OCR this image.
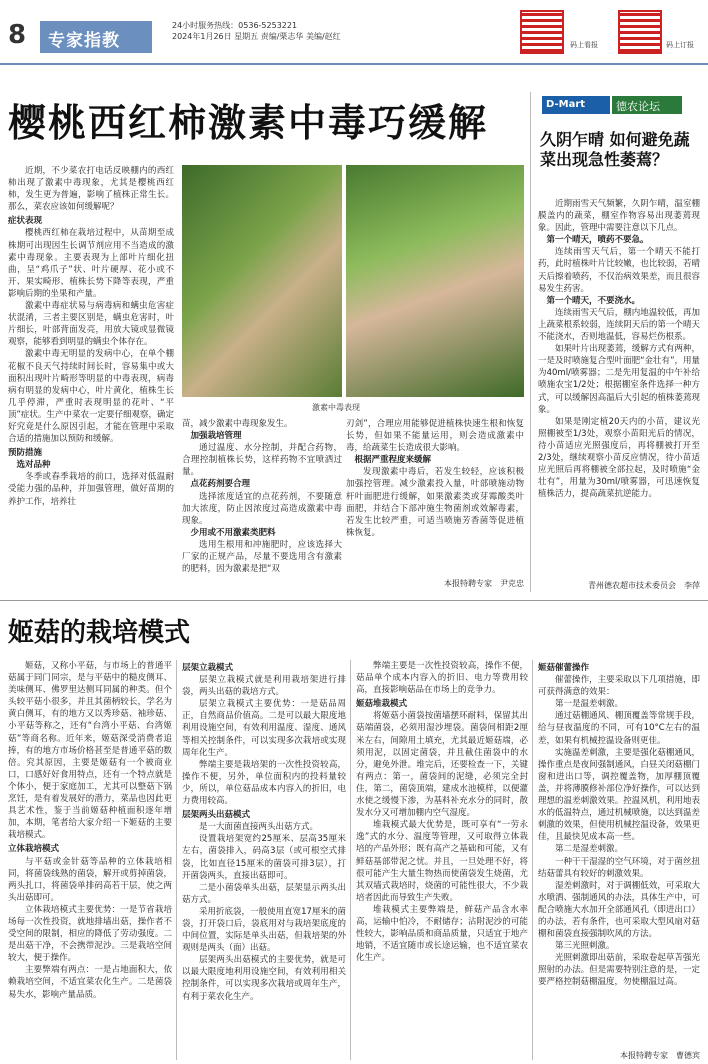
8	专家指教
24小时服务热线：0536-5253221
2024年1月26日 星期五 责编/栗志华 美编/赵红
码上看报	码上订报
樱桃西红柿激素中毒巧缓解
激素中毒表现

近期，不少菜农打电话反映棚内的西红柿出现了激素中毒现象，尤其是樱桃西红柿，发生更为普遍，影响了植株正常生长。那么，菜农应该如何缓解呢？

症状表现

樱桃西红柿在栽培过程中，从苗期至成株期可出现因生长调节剂应用不当造成的激素中毒现象。主要表现为上部叶片细化扭曲，呈“鸡爪子”状、叶片硬厚、花小或不开、果实畸形、植株长势下降等表现，严重影响后期的坐果和产量。

激素中毒症状易与病毒病和螨虫危害症状混淆，三者主要区别是，螨虫危害时，叶片细长，叶部背面发亮，用放大镜或显微镜观察，能够看到明显的螨虫个体存在。

激素中毒无明显的发病中心，在单个棚花椒不良天气持续时间长时，容易集中或大面积出现叶片畸形等明显的中毒表现，病毒病有明显的发病中心，叶片黄化，植株生长几乎停滞，严重时表现明显的花叶、“平顶”症状。生产中菜农一定要仔细观察，确定好究竟是什么原因引起，才能在管理中采取合适的措施加以预防和缓解。

预防措施

选对品种

冬季或春季栽培的前口，选择对低温耐受能力强的品种，并加强管理，做好苗期的养护工作，培养壮

苗，减少激素中毒现象发生。

加强栽培管理

通过温度、水分控制，并配合药物，合理控制植株长势，这样药物不宜喷洒过量。

点花药剂要合理

选择浓度适宜的点花药剂，不要随意加大浓度，防止因浓度过高造成激素中毒现象。

少用或不用激素类肥料

选用生根用和冲施肥时，应该选择大厂家的正规产品，尽量不要选用含有激素的肥料，因为激素是把“双

刃剑”，合理应用能够促进植株快速生根和恢复长势，但如果不能量运用，则会造成激素中毒，给蔬菜生长造成很大影响。

根据严重程度来缓解

发现激素中毒后，若发生较轻，应该积极加强控管理。减少激素投入量，叶部喷施动物杆叶面肥进行缓解，如果激素类或芽霉酸类叶面肥，并结合下部冲施生物菌剂或效解毒素，若发生比较严重，可适当喷施芳香菌等促进植株恢复。

本报特聘专家　尹克忠
D-Mart	德农论坛
久阴乍晴 如何避免蔬菜出现急性萎蔫？

近期雨雪天气频繁，久阴乍晴，温室棚膜盖内的蔬菜，棚室作物容易出现萎蔫现象。因此，管理中需要注意以下几点。

第一个晴天，喷药不要急。

连续雨雪天气后，第一个晴天不能打药，此时植株叶片比较嫩，也比较弱，若晴天后擦着喷药，不仅治病效果差，而且很容易发生药害。

第一个晴天，不要浇水。

连续雨雪天气后，棚内地温较低，再加上蔬菜根系较弱，连续阴天后的第一个晴天不能浇水，否则地温低，容易烂伤根系。

如果叶片出现萎蔫，缓解方式有两种，一是及时喷施复合型叶面肥“金壮有”，用量为40ml/喷雾器；二是先用复温的中午补给喷施农宝1/2处；根据棚室条件选择一种方式，可以缓解因高温后大引起的植株萎蔫现象。

如果是刚定植20天内的小苗，建议光照棚被至1/3处，观察小苗阳光后的情况，待小苗适应光照强度后，再将棚被打开至2/3处，继续观察小苗反应情况，待小苗适应光照后再将棚被全部拉起，及时喷施“金壮有”，用量为30ml/喷雾器，可迅速恢复植株活力，提高蔬菜抗逆能力。

青州德农超市技术委员会　李萍
姬菇的栽培模式

姬菇，又称小平菇，与市场上的普通平菇属于同门同宗，是与平菇中的糙皮侧耳、美味侧耳、佛罗里达侧耳同属的种类。但个头较平菇小很多，并且其菌柄较长，学名为黄白侧耳，有的地方又以秀珍菇、袖珍菇、小平菇等称之，还有“台湾小平菇、台湾姬菇”等商名称。近年来，姬菇深受消费者追捧，有的地方市场价格甚至是普通平菇的数倍。究其原因，主要是姬菇有一个被商业口，口感好好食用特点，还有一个特点就是个体小，便于家庭加工，尤其可以整菇下锅烹饪，是有着发展好的潜力，菜品也因此更具艺术性，鉴于当前姬菇种植面积逐年增加，本期，笔者给大家介绍一下姬菇的主要栽培模式。

立体栽培模式

与平菇或金针菇等品种的立体栽培相同，将菌袋线熟的菌袋，解开或剪掉菌袋，两头扎口，将菌袋单排码高若干层，使之两头出菇即可。

立体栽培模式主要优势：一是节省栽培场每一次性投资，就地排墙出菇，操作者不受空间的限制，相应的降低了劳动强度。二是出菇干净，不会携带泥沙。三是栽培空间较大，便于操作。

主要弊端有两点：一是占地面积大，依赖栽培空间，不适宜菜农化生产。二是菌袋易失水，影响产量品质。

层架立栽模式

层架立栽模式就是利用栽培架进行排袋，两头出菇的栽培方式。

层架立栽模式主要优势：一是菇品周正，自然商品价值高。二是可以最大限度地利用设施空间，有效利用温度、湿度、通风等相关控制条件，可以实现多次栽培或实现周年化生产。

弊端主要是栽培架的一次性投资较高，操作不便，另外，单位面积内的投料量较少，所以，单位菇品成本内容入的折旧，电力费用较高。

层架两头出菇模式

是一大面菌直接两头出菇方式。

设置栽培架宽约25厘米、层高35厘米左右，菌袋排入，码高3层（或可根空式排袋，比如直径15厘米的菌袋可排3层），打开菌袋两头，直接出菇即可。

二是小菌袋单头出菇，层架显示两头出菇方式。

采用折底袋，一般使用直宽17厘米的菌袋，打开袋口后，袋底用对与栽培架底度的中间位置，实际是单头出菇，但栽培架的外观则是两头（面）出菇。

层架两头出菇模式的主要优势，就是可以最大限度地利用设施空间，有效利用相关控制条件，可以实现多次栽培或周年生产，有利于菜农化生产。

弊端主要是一次性投资较高，操作不便，菇品单个成本内容入的折旧、电力等费用较高，直接影响菇品在市场上的竞争力。

姬菇堆栽模式

将姬菇小菌袋按菌墙摆环耐料，保留其出菇端菌袋，必须用湿沙埋袋。菌袋间相距2厘米左右，间隙用土填充，尤其最近姬菇端，必须用泥，以固定菌袋，并且截住菌袋中的水分，避免外泄。堆完后，还要检查一下，关键有两点：第一，菌袋间的泥缝，必须完全封住，第二，菌袋顶端，建成水池模样，以便灌水使之缓慢下渗，为基料补充水分的同时，散发水分又可增加棚内空气湿度。

堆栽模式最大优势是，既可享有“一劳永逸”式的水分、温度等管理，又可取得立体栽培的产品外形；既有高产之基础和可能，又有鲜菇基部带泥之忧。并且，一旦处理不好，将很可能产生大量生物热而使菌袋发生烧菌，尤其双墙式栽培时，烧菌的可能性很大，不少栽培者因此而导致生产失败。

堆栽模式主要弊端是，鲜菇产品含水率高，运输中怕冷，不耐储存；沾附泥沙的可能性较大，影响品质和商品质量，只适宜于地产地销，不适宜随市或长途运输，也不适宜菜农化生产。

姬菇催蕾操作

催蕾操作，主要采取以下几项措施，即可获得满意的效果：

第一是温差刺激。

通过菇棚通风、棚顶覆盖等常规手段，给与昼夜温度的不同，可有10°C左右的温差，如果有机械控温设备则更佳。

实施温差刺激，主要是强化菇棚通风，操作重点是夜间强制通风，白昼关闭菇棚门窗和进出口等，调控覆盖物，加厚棚顶覆盖，并将薄膜修补部位净好操作，可以达到理想的温差刺激效果。控温风机，利用地表水的低温特点，通过机械喷施，以达到温差刺激的效果，但使用机械控温设备，效果更佳，且最快见成本高一些。

第二是湿差刺激。

一种干干湿湿的空气环境，对于菌丝扭结菇蕾具有较好的刺激效果。

湿差刺激时，对于调棚低效，可采取大水喷洒、强制通风的办法，具体生产中，可配合喷施大水加开全部通风孔（即进出口）的办法，若有条件，也可采取大型风扇对菇棚和菌袋直接强制吹风的方法。

第三光照刺激。

光照刺激即出菇前，采取卷起草苫强光照射的办法。但是需要特别注意的是，一定要严格控制菇棚温度，勿使棚温过高。

本报特聘专家　曹德宾
